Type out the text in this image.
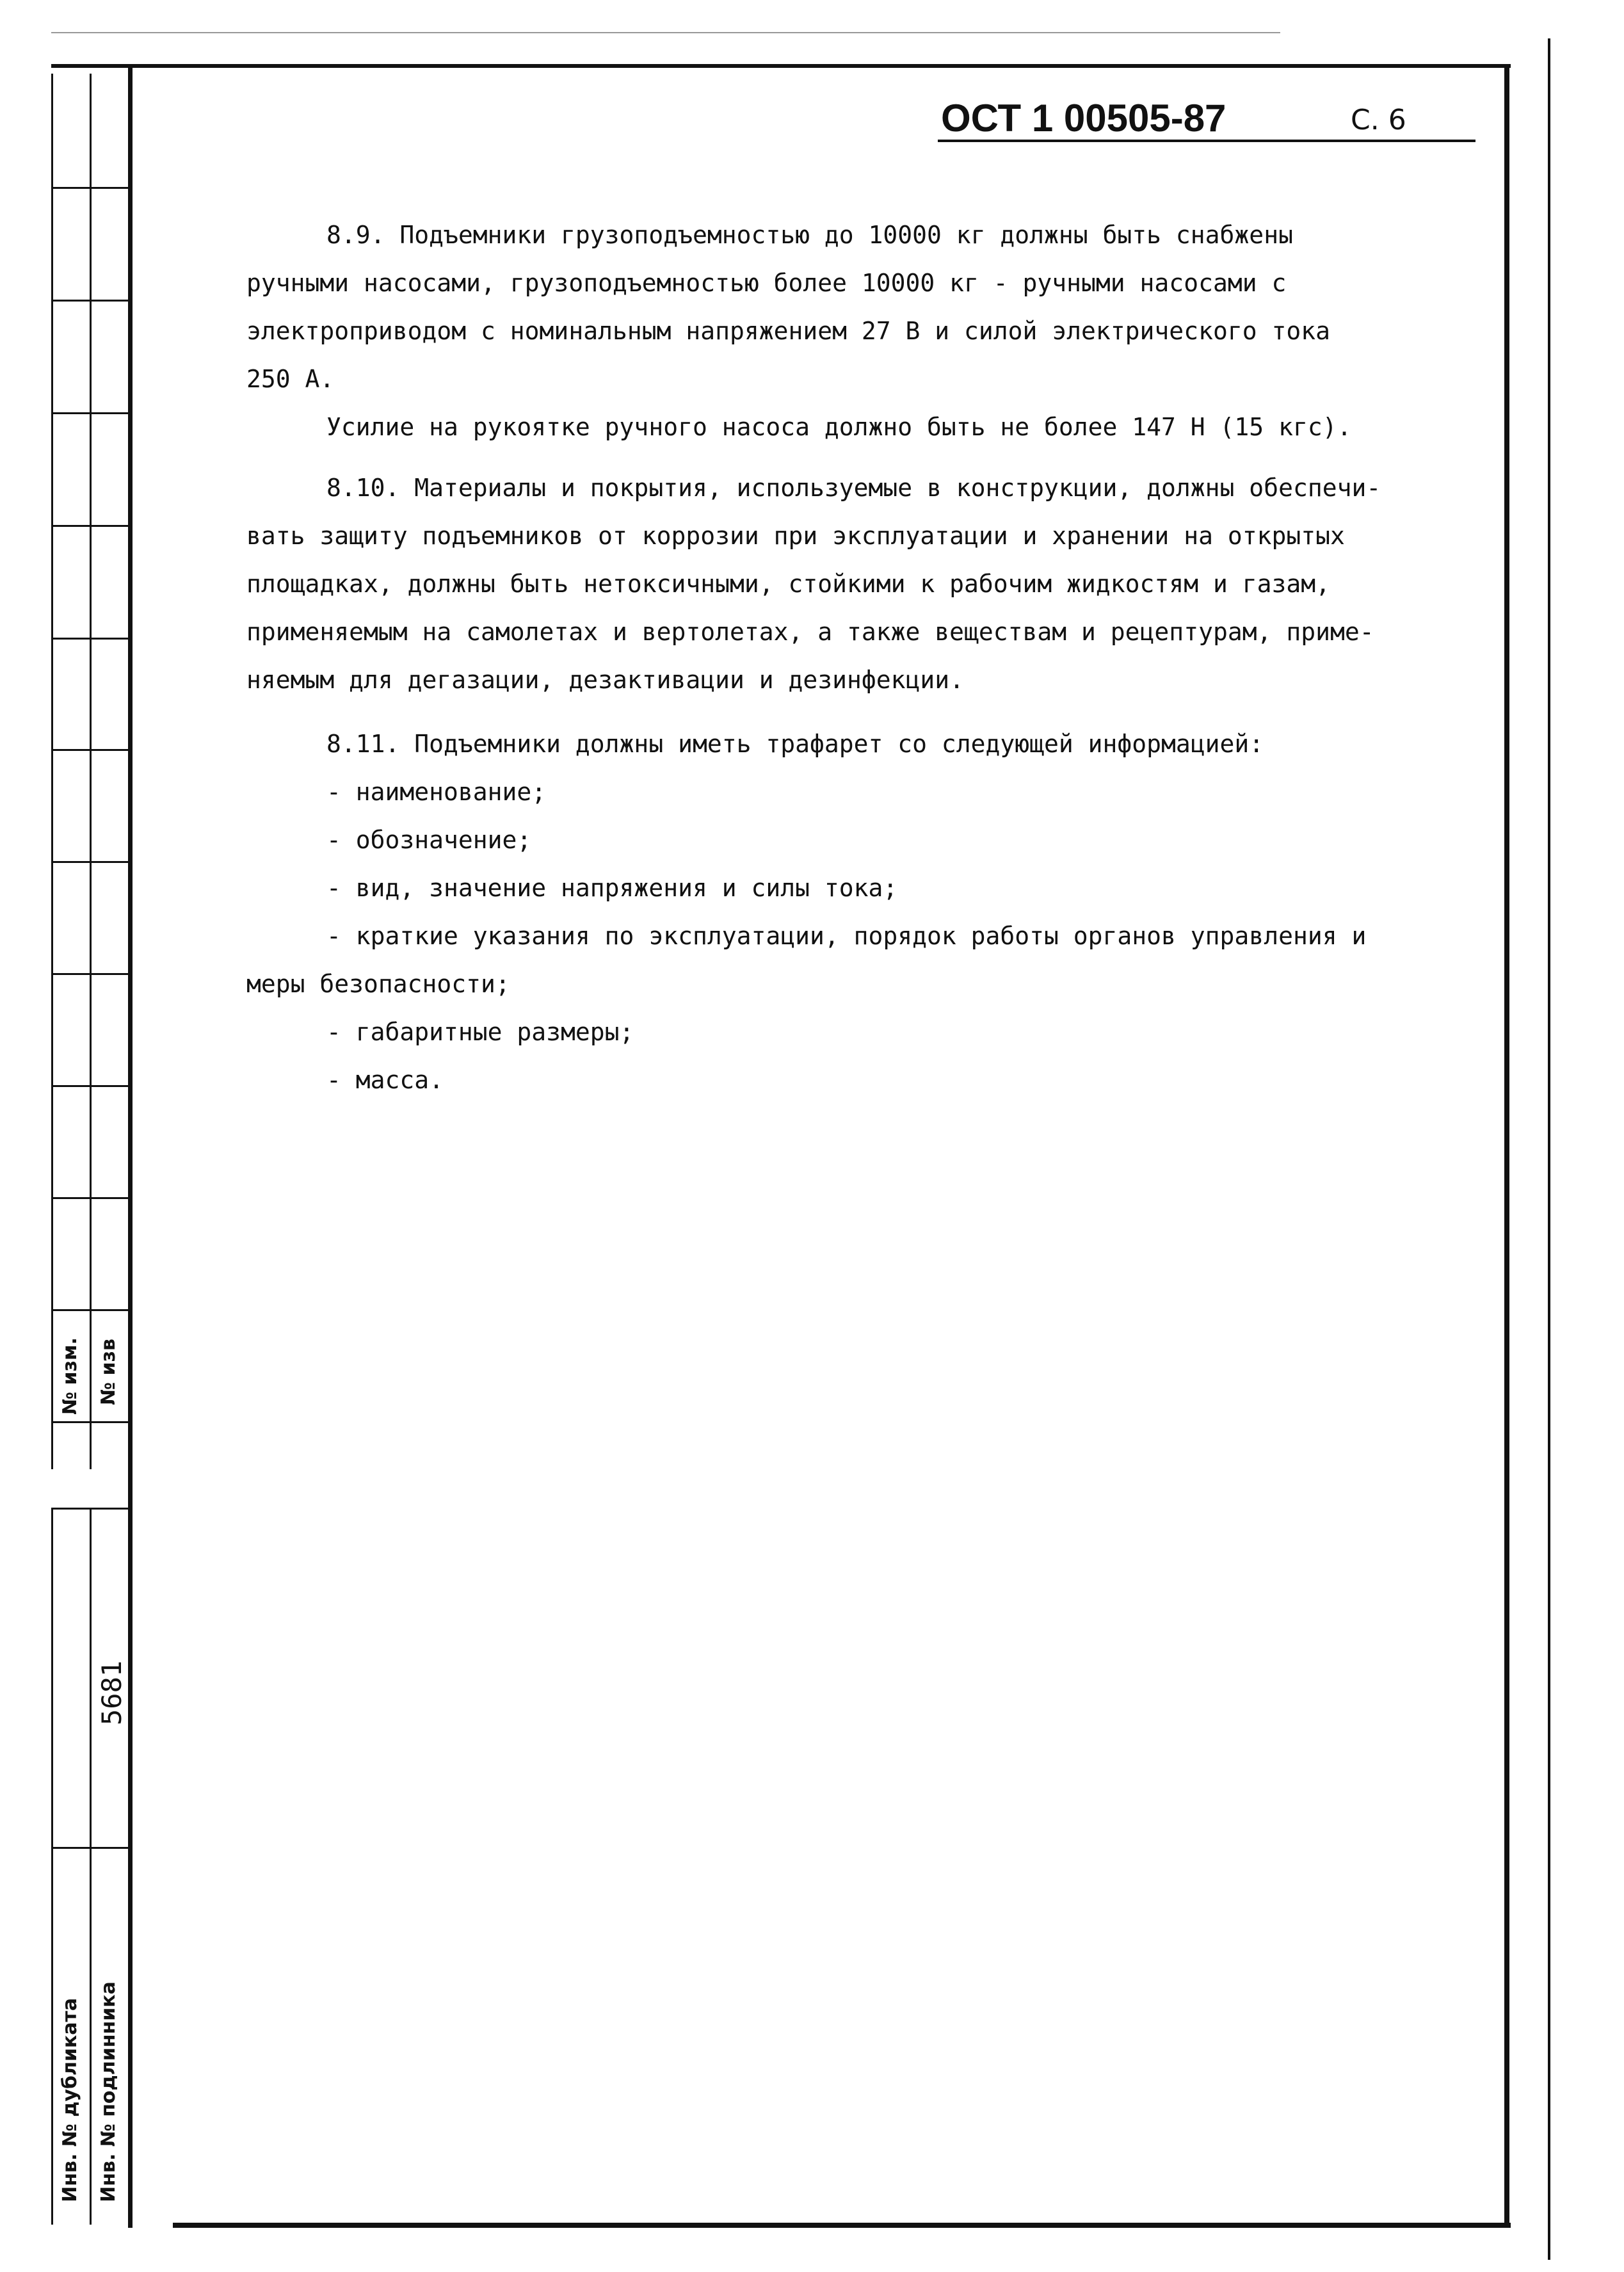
№ изм. № изв
5681
Инв. № дубликата Инв. № подлинника
ОСТ 1 00505-87	С. 6
8.9. Подъемники грузоподъемностью до 10000 кг должны быть снабжены
ручными насосами, грузоподъемностью более 10000 кг - ручными насосами с
электроприводом с номинальным напряжением 27 В и силой электрического тока
250 А.
Усилие на рукоятке ручного насоса должно быть не более 147 Н (15 кгс).
8.10. Материалы и покрытия, используемые в конструкции, должны обеспечи-
вать защиту подъемников от коррозии при эксплуатации и хранении на открытых
площадках, должны быть нетоксичными, стойкими к рабочим жидкостям и газам,
применяемым на самолетах и вертолетах, а также веществам и рецептурам, приме-
няемым для дегазации, дезактивации и дезинфекции.
8.11. Подъемники должны иметь трафарет со следующей информацией:
- наименование;
- обозначение;
- вид, значение напряжения и силы тока;
- краткие указания по эксплуатации, порядок работы органов управления и
меры безопасности;
- габаритные размеры;
- масса.
